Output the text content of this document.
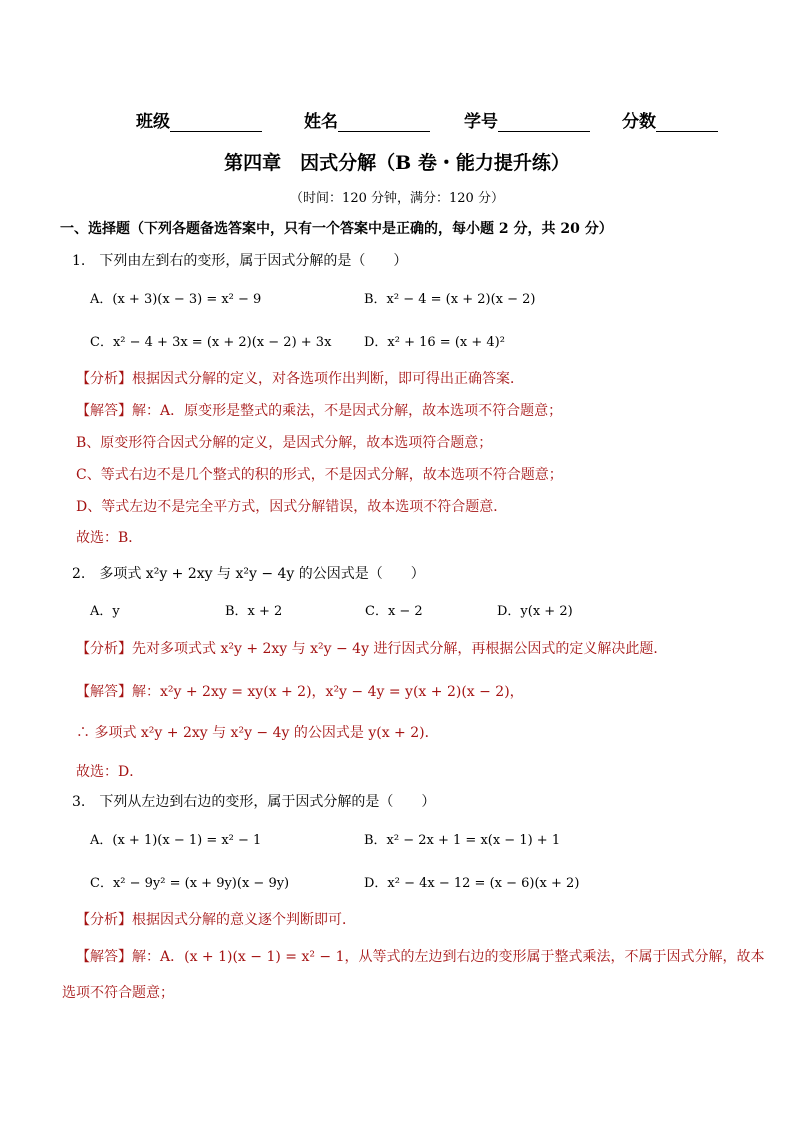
班级	姓名	学号	分数
第四章　因式分解（B 卷・能力提升练）
（时间：120 分钟，满分：120 分）
一、选择题（下列各题备选答案中，只有一个答案中是正确的，每小题 2 分，共 20 分）
1.　下列由左到右的变形，属于因式分解的是（　　）
A．(x + 3)(x − 3) = x² − 9	B．x² − 4 = (x + 2)(x − 2)
C．x² − 4 + 3x = (x + 2)(x − 2) + 3x	D．x² + 16 = (x + 4)²
【分析】根据因式分解的定义，对各选项作出判断，即可得出正确答案．
【解答】解：A．原变形是整式的乘法，不是因式分解，故本选项不符合题意；
B、原变形符合因式分解的定义，是因式分解，故本选项符合题意；
C、等式右边不是几个整式的积的形式，不是因式分解，故本选项不符合题意；
D、等式左边不是完全平方式，因式分解错误，故本选项不符合题意．
故选：B．
2.　多项式 x²y + 2xy 与 x²y − 4y 的公因式是（　　）
A．y	B．x + 2	C．x − 2	D．y(x + 2)
【分析】先对多项式式 x²y + 2xy 与 x²y − 4y 进行因式分解，再根据公因式的定义解决此题．
【解答】解：x²y + 2xy = xy(x + 2)，x²y − 4y = y(x + 2)(x − 2)，
∴ 多项式 x²y + 2xy 与 x²y − 4y 的公因式是 y(x + 2)．
故选：D．
3.　下列从左边到右边的变形，属于因式分解的是（　　）
A．(x + 1)(x − 1) = x² − 1	B．x² − 2x + 1 = x(x − 1) + 1
C．x² − 9y² = (x + 9y)(x − 9y)	D．x² − 4x − 12 = (x − 6)(x + 2)
【分析】根据因式分解的意义逐个判断即可．
【解答】解：A．(x + 1)(x − 1) = x² − 1，从等式的左边到右边的变形属于整式乘法，不属于因式分解，故本
选项不符合题意；
